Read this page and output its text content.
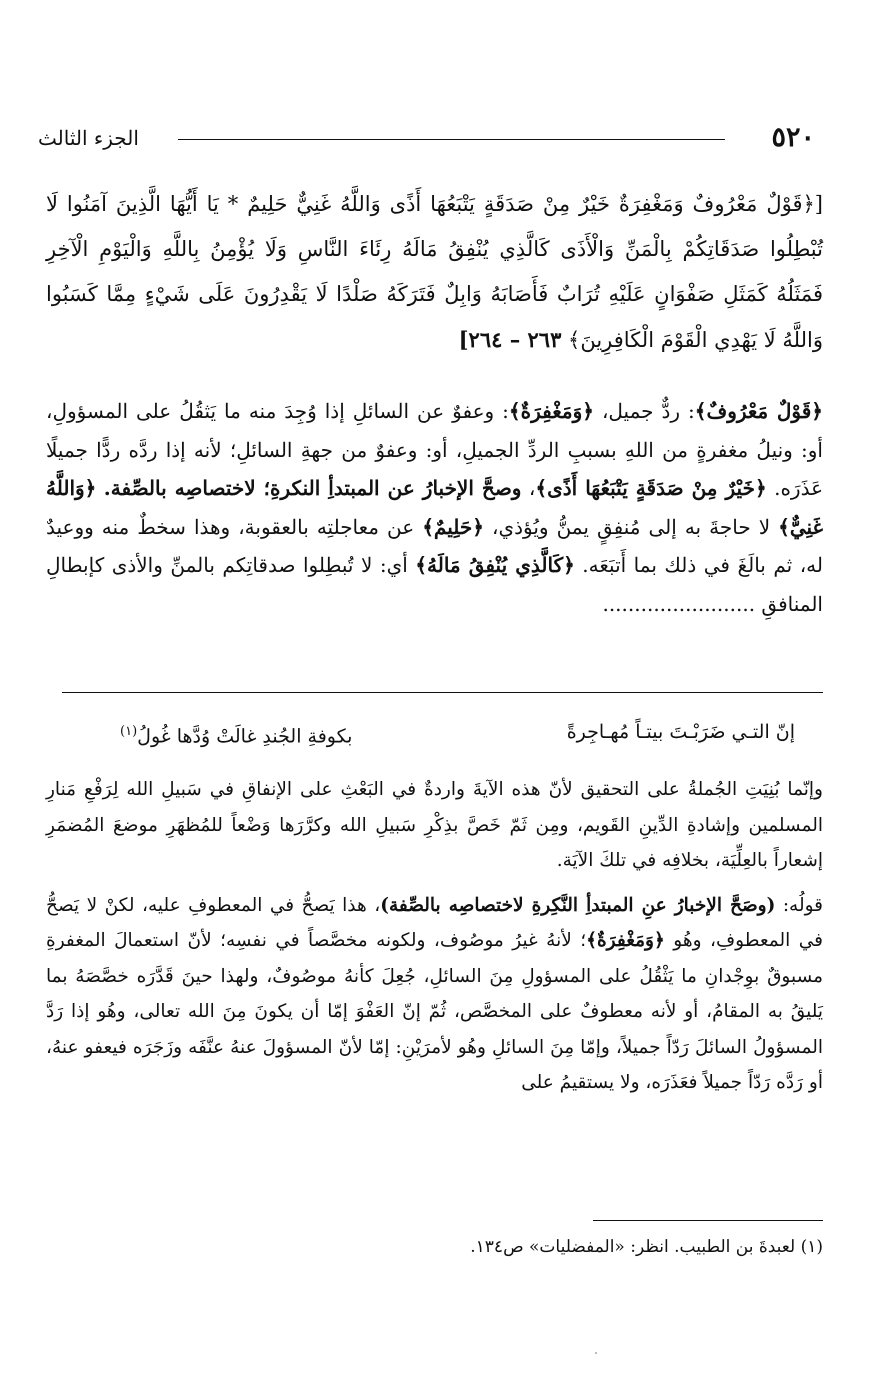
٥٢٠
الجزء الثالث
[﴿قَوْلٌ مَعْرُوفٌ وَمَغْفِرَةٌ خَيْرٌ مِنْ صَدَقَةٍ يَتْبَعُهَا أَذًى وَاللَّهُ غَنِيٌّ حَلِيمٌ * يَا أَيُّهَا الَّذِينَ آمَنُوا لَا تُبْطِلُوا صَدَقَاتِكُمْ بِالْمَنِّ وَالْأَذَى كَالَّذِي يُنْفِقُ مَالَهُ رِئَاءَ النَّاسِ وَلَا يُؤْمِنُ بِاللَّهِ وَالْيَوْمِ الْآخِرِ فَمَثَلُهُ كَمَثَلِ صَفْوَانٍ عَلَيْهِ تُرَابٌ فَأَصَابَهُ وَابِلٌ فَتَرَكَهُ صَلْدًا لَا يَقْدِرُونَ عَلَى شَيْءٍ مِمَّا كَسَبُوا وَاللَّهُ لَا يَهْدِي الْقَوْمَ الْكَافِرِينَ﴾ ٢٦٣ – ٢٦٤]
﴿قَوْلٌ مَعْرُوفٌ﴾: ردٌّ جميل، ﴿وَمَغْفِرَةٌ﴾: وعفوٌ عن السائلِ إذا وُجِدَ منه ما يَثقُلُ على المسؤولِ، أو: ونيلُ مغفرةٍ من اللهِ بسببِ الردِّ الجميلِ، أو: وعفوٌ من جهةِ السائلِ؛ لأنه إذا ردَّه ردًّا جميلًا عَذَرَه. ﴿خَيْرٌ مِنْ صَدَقَةٍ يَتْبَعُهَا أَذًى﴾، وصحَّ الإخبارُ عن المبتدأِ النكرةِ؛ لاختصاصِه بالصِّفة. ﴿وَاللَّهُ غَنِيٌّ﴾ لا حاجةَ به إلى مُنفِقٍ يمنُّ ويُؤذي، ﴿حَلِيمٌ﴾ عن معاجلتِه بالعقوبة، وهذا سخطٌ منه ووعيدٌ له، ثم بالَغَ في ذلك بما أَتبَعَه. ﴿كَالَّذِي يُنْفِقُ مَالَهُ﴾ أي: لا تُبطِلوا صدقاتِكم بالمنِّ والأذى كإبطالِ المنافقِ ........................
إنّ التـي ضَرَبْـتَ بيتـاً مُهـاجِرةً
بكوفةِ الجُندِ غالَتْ وُدَّها غُولُ$^{(١)}$

وإنّما بُنِيَتِ الجُملةُ على التحقيق لأنّ هذه الآيةَ واردةٌ في البَعْثِ على الإنفاقِ في سَبيلِ الله لِرَفْعِ مَنارِ المسلمين وإشادةِ الدِّينِ القَويم، ومِن ثَمّ خَصَّ بذِكْرِ سَبيلِ الله وكرَّرَها وَضْعاً للمُظهَرِ موضعَ المُضمَرِ إشعاراً بالعِلِّيَة، بخلافِه في تلكَ الآيَة.

قولُه: (وصَحَّ الإخبارُ عنِ المبتدأِ النَّكِرةِ لاختصاصِه بالصِّفة)، هذا يَصحُّ في المعطوفِ عليه، لكنْ لا يَصحُّ في المعطوفِ، وهُو ﴿وَمَغْفِرَةٌ﴾؛ لأنهُ غيرُ موصُوف، ولكونه مخصَّصاً في نفسِه؛ لأنّ استعمالَ المغفرةِ مسبوقٌ بوِجْدانِ ما يَثْقُلُ على المسؤولِ مِنَ السائلِ، جُعِلَ كأنهُ موصُوفٌ، ولهذا حينَ قَدَّرَه خصَّصَهُ بما يَليقُ به المقامُ، أو لأنه معطوفٌ على المخصَّص، ثُمّ إنّ العَفْوَ إمّا أن يكونَ مِنَ الله تعالى، وهُو إذا رَدَّ المسؤولُ السائلَ رَدّاً جميلاً، وإمّا مِنَ السائلِ وهُو لأمرَيْنِ: إمّا لأنّ المسؤولَ عنهُ عنَّفَه وزَجَرَه فيعفو عنهُ، أو رَدَّه رَدّاً جميلاً فعَذَرَه، ولا يستقيمُ على

(١) لعبدةَ بن الطبيب. انظر: «المفضليات» ص١٣٤.
